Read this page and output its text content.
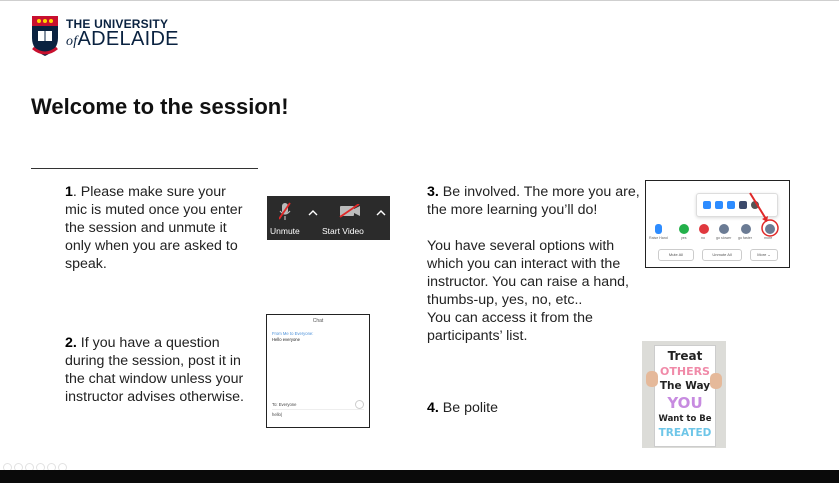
THE UNIVERSITY
ofADELAIDE
Welcome to the session!
1. Please make sure your mic is muted once you enter the session and unmute it only when you are asked to speak.
Unmute	Start Video
2. If you have a question during the session, post it in the chat window unless your instructor advises otherwise.
Chat
From Me to Everyone:
Hello everyone
To: Everyone
hello|
3. Be involved. The more you are, the more learning you’ll do!
You have several options with which you can interact with the instructor. You can raise a hand, thumbs-up, yes, no, etc..
You can access it from the participants’ list.
Raise Hand	yes	no	go slower go faster	more
Mute All	Unmute All	More ⌄
Treat
OTHERS
The Way
YOU
Want to Be
TREATED
4. Be polite
